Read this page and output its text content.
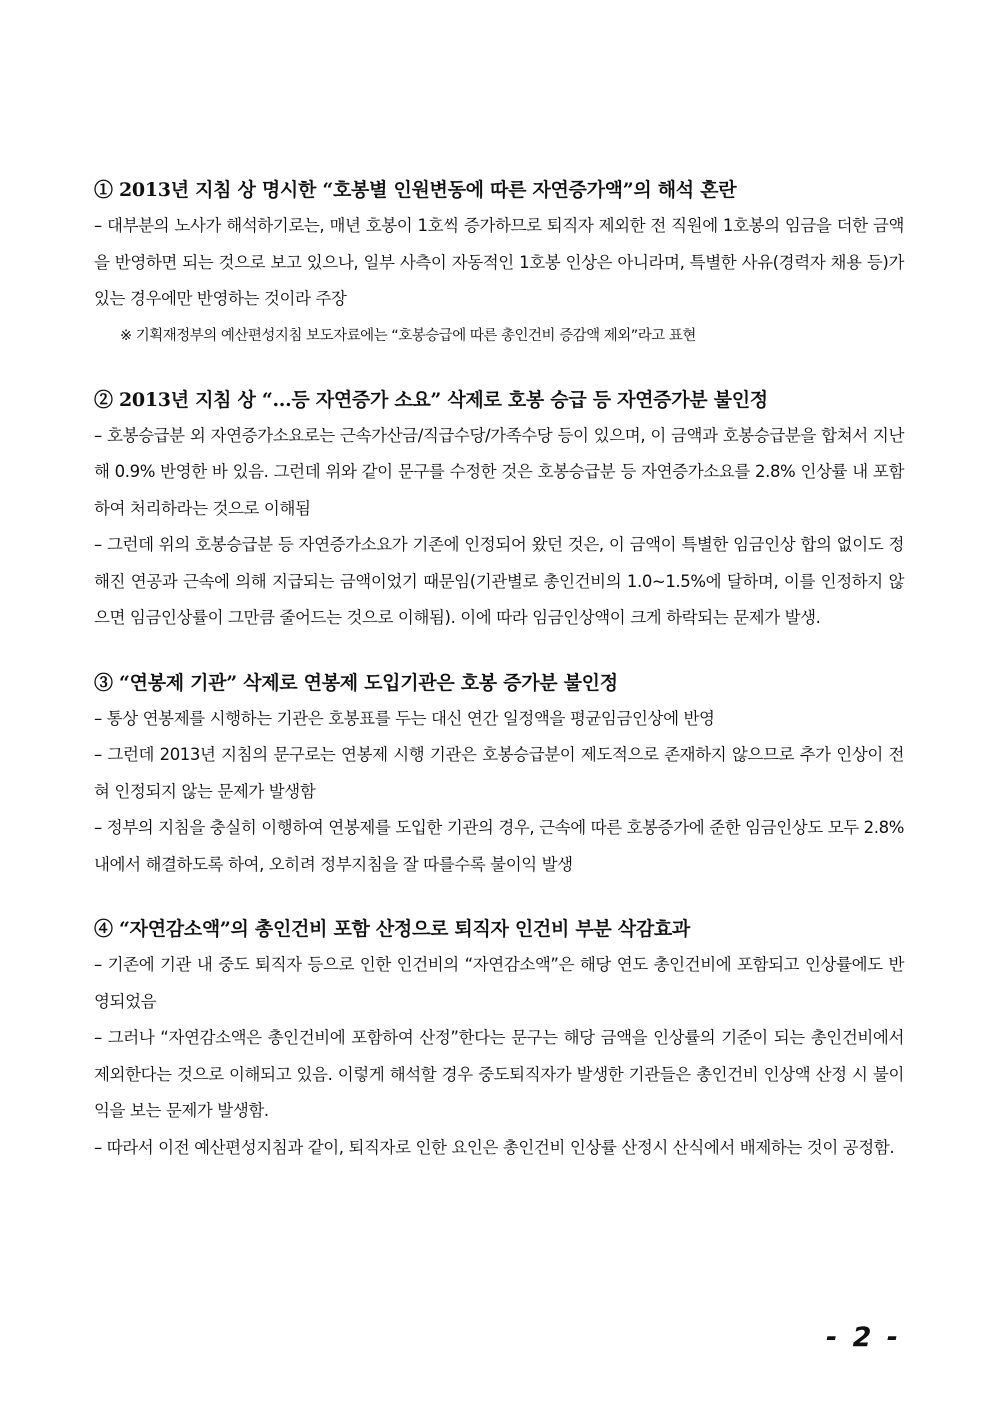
① 2013년 지침 상 명시한 “호봉별 인원변동에 따른 자연증가액”의 해석 혼란

– 대부분의 노사가 해석하기로는, 매년 호봉이 1호씩 증가하므로 퇴직자 제외한 전 직원에 1호봉의 임금을 더한 금액을 반영하면 되는 것으로 보고 있으나, 일부 사측이 자동적인 1호봉 인상은 아니라며, 특별한 사유(경력자 채용 등)가 있는 경우에만 반영하는 것이라 주장

※ 기획재정부의 예산편성지침 보도자료에는 “호봉승급에 따른 총인건비 증감액 제외”라고 표현

② 2013년 지침 상 “...등 자연증가 소요” 삭제로 호봉 승급 등 자연증가분 불인정

– 호봉승급분 외 자연증가소요로는 근속가산금/직급수당/가족수당 등이 있으며, 이 금액과 호봉승급분을 합쳐서 지난해 0.9% 반영한 바 있음. 그런데 위와 같이 문구를 수정한 것은 호봉승급분 등 자연증가소요를 2.8% 인상률 내 포함하여 처리하라는 것으로 이해됨

– 그런데 위의 호봉승급분 등 자연증가소요가 기존에 인정되어 왔던 것은, 이 금액이 특별한 임금인상 합의 없이도 정해진 연공과 근속에 의해 지급되는 금액이었기 때문임(기관별로 총인건비의 1.0~1.5%에 달하며, 이를 인정하지 않으면 임금인상률이 그만큼 줄어드는 것으로 이해됨). 이에 따라 임금인상액이 크게 하락되는 문제가 발생.

③ “연봉제 기관” 삭제로 연봉제 도입기관은 호봉 증가분 불인정

– 통상 연봉제를 시행하는 기관은 호봉표를 두는 대신 연간 일정액을 평균임금인상에 반영

– 그런데 2013년 지침의 문구로는 연봉제 시행 기관은 호봉승급분이 제도적으로 존재하지 않으므로 추가 인상이 전혀 인정되지 않는 문제가 발생함

– 정부의 지침을 충실히 이행하여 연봉제를 도입한 기관의 경우, 근속에 따른 호봉증가에 준한 임금인상도 모두 2.8% 내에서 해결하도록 하여, 오히려 정부지침을 잘 따를수록 불이익 발생

④ “자연감소액”의 총인건비 포함 산정으로 퇴직자 인건비 부분 삭감효과

– 기존에 기관 내 중도 퇴직자 등으로 인한 인건비의 “자연감소액”은 해당 연도 총인건비에 포함되고 인상률에도 반영되었음

– 그러나 “자연감소액은 총인건비에 포함하여 산정”한다는 문구는 해당 금액을 인상률의 기준이 되는 총인건비에서 제외한다는 것으로 이해되고 있음. 이렇게 해석할 경우 중도퇴직자가 발생한 기관들은 총인건비 인상액 산정 시 불이익을 보는 문제가 발생함.

– 따라서 이전 예산편성지침과 같이, 퇴직자로 인한 요인은 총인건비 인상률 산정시 산식에서 배제하는 것이 공정함.

- 2 -
